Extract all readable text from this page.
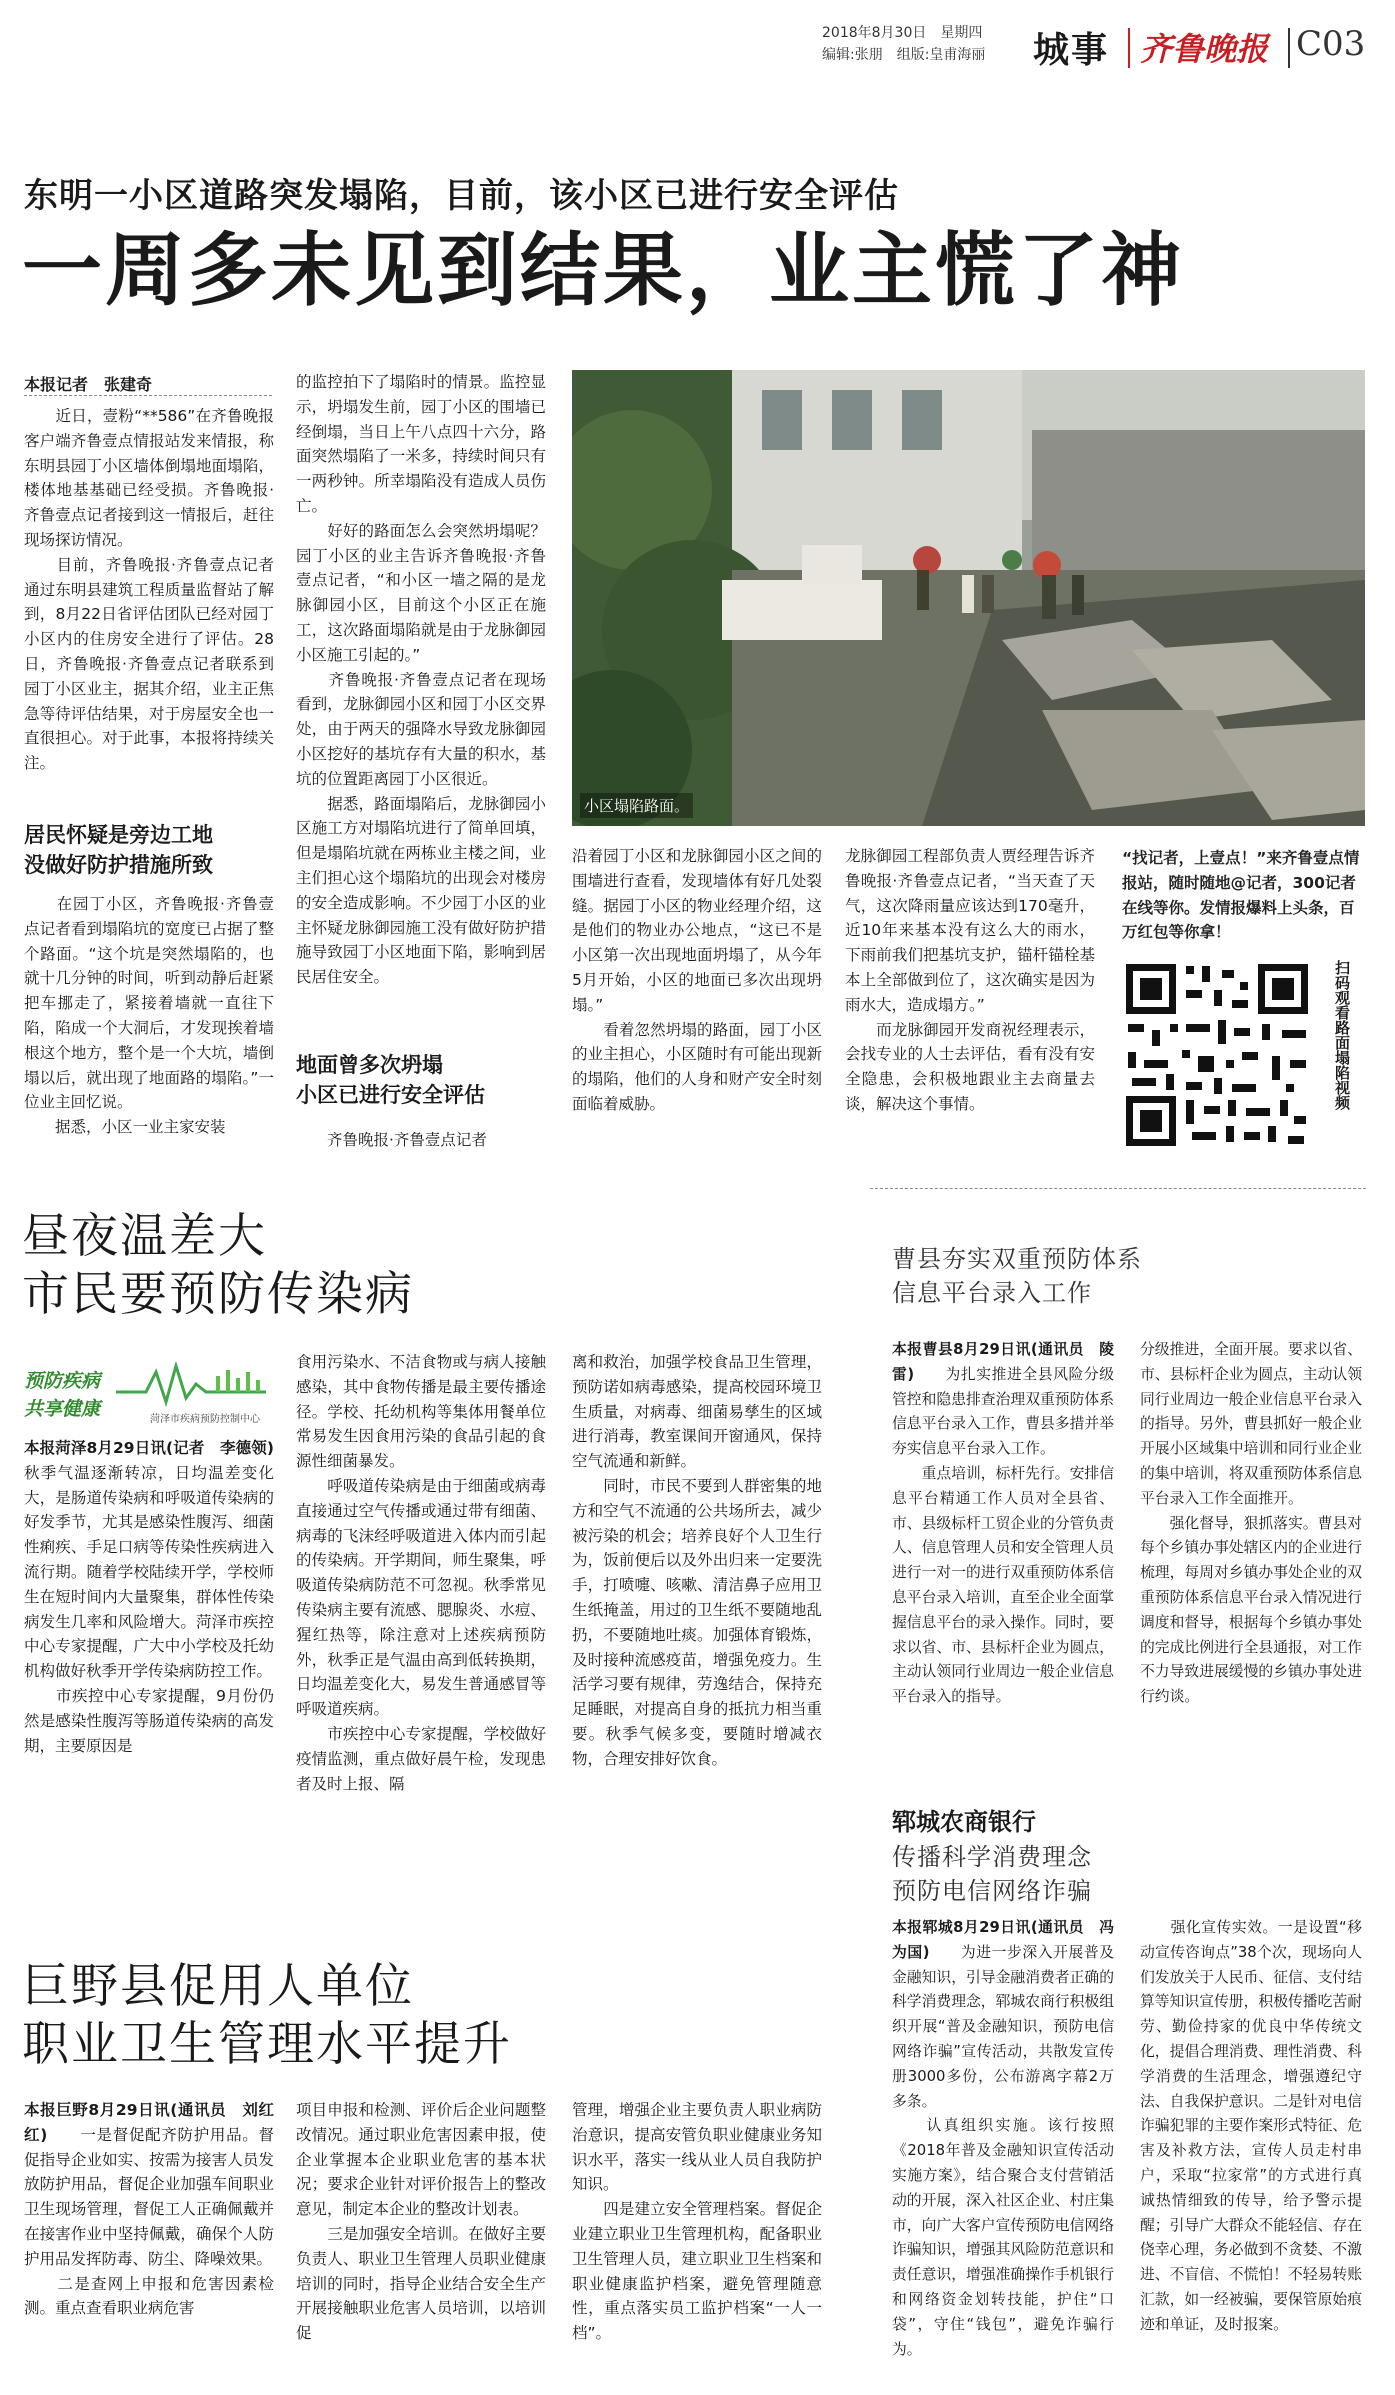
2018年8月30日　星期四
编辑:张朋　组版:皇甫海丽 城事 齐鲁晚报 C03
东明一小区道路突发塌陷，目前，该小区已进行安全评估
一周多未见到结果，业主慌了神
本报记者　张建奇
　　近日，壹粉“**586”在齐鲁晚报客户端齐鲁壹点情报站发来情报，称东明县园丁小区墙体倒塌地面塌陷，楼体地基基础已经受损。齐鲁晚报·齐鲁壹点记者接到这一情报后，赶往现场探访情况。
　　目前，齐鲁晚报·齐鲁壹点记者通过东明县建筑工程质量监督站了解到，8月22日省评估团队已经对园丁小区内的住房安全进行了评估。28日，齐鲁晚报·齐鲁壹点记者联系到园丁小区业主，据其介绍，业主正焦急等待评估结果，对于房屋安全也一直很担心。对于此事，本报将持续关注。
居民怀疑是旁边工地
没做好防护措施所致
　　在园丁小区，齐鲁晚报·齐鲁壹点记者看到塌陷坑的宽度已占据了整个路面。“这个坑是突然塌陷的，也就十几分钟的时间，听到动静后赶紧把车挪走了，紧接着墙就一直往下陷，陷成一个大洞后，才发现挨着墙根这个地方，整个是一个大坑，墙倒塌以后，就出现了地面路的塌陷。”一位业主回忆说。
　　据悉，小区一业主家安装
的监控拍下了塌陷时的情景。监控显示，坍塌发生前，园丁小区的围墙已经倒塌，当日上午八点四十六分，路面突然塌陷了一米多，持续时间只有一两秒钟。所幸塌陷没有造成人员伤亡。
　　好好的路面怎么会突然坍塌呢？园丁小区的业主告诉齐鲁晚报·齐鲁壹点记者，“和小区一墙之隔的是龙脉御园小区，目前这个小区正在施工，这次路面塌陷就是由于龙脉御园小区施工引起的。”
　　齐鲁晚报·齐鲁壹点记者在现场看到，龙脉御园小区和园丁小区交界处，由于两天的强降水导致龙脉御园小区挖好的基坑存有大量的积水，基坑的位置距离园丁小区很近。
　　据悉，路面塌陷后，龙脉御园小区施工方对塌陷坑进行了简单回填，但是塌陷坑就在两栋业主楼之间，业主们担心这个塌陷坑的出现会对楼房的安全造成影响。不少园丁小区的业主怀疑龙脉御园施工没有做好防护措施导致园丁小区地面下陷，影响到居民居住安全。
地面曾多次坍塌
小区已进行安全评估
　　齐鲁晚报·齐鲁壹点记者
小区塌陷路面。
沿着园丁小区和龙脉御园小区之间的围墙进行查看，发现墙体有好几处裂缝。据园丁小区的物业经理介绍，这是他们的物业办公地点，“这已不是小区第一次出现地面坍塌了，从今年5月开始，小区的地面已多次出现坍塌。”
　　看着忽然坍塌的路面，园丁小区的业主担心，小区随时有可能出现新的塌陷，他们的人身和财产安全时刻面临着威胁。
龙脉御园工程部负责人贾经理告诉齐鲁晚报·齐鲁壹点记者，“当天查了天气，这次降雨量应该达到170毫升，近10年来基本没有这么大的雨水，下雨前我们把基坑支护，锚杆锚栓基本上全部做到位了，这次确实是因为雨水大，造成塌方。”
　　而龙脉御园开发商祝经理表示，会找专业的人士去评估，看有没有安全隐患，会积极地跟业主去商量去谈，解决这个事情。
“找记者，上壹点！”来齐鲁壹点情报站，随时随地@记者，300记者在线等你。发情报爆料上头条，百万红包等你拿！
扫码观看路面塌陷视频
昼夜温差大
市民要预防传染病
预防疾病
共享健康	菏泽市疾病预防控制中心
本报菏泽8月29日讯(记者　李德领)　　秋季气温逐渐转凉，日均温差变化大，是肠道传染病和呼吸道传染病的好发季节，尤其是感染性腹泻、细菌性痢疾、手足口病等传染性疾病进入流行期。随着学校陆续开学，学校师生在短时间内大量聚集，群体性传染病发生几率和风险增大。菏泽市疾控中心专家提醒，广大中小学校及托幼机构做好秋季开学传染病防控工作。
　　市疾控中心专家提醒，9月份仍然是感染性腹泻等肠道传染病的高发期，主要原因是
食用污染水、不洁食物或与病人接触感染，其中食物传播是最主要传播途径。学校、托幼机构等集体用餐单位常易发生因食用污染的食品引起的食源性细菌暴发。
　　呼吸道传染病是由于细菌或病毒直接通过空气传播或通过带有细菌、病毒的飞沫经呼吸道进入体内而引起的传染病。开学期间，师生聚集，呼吸道传染病防范不可忽视。秋季常见传染病主要有流感、腮腺炎、水痘、猩红热等，除注意对上述疾病预防外，秋季正是气温由高到低转换期，日均温差变化大，易发生普通感冒等呼吸道疾病。
　　市疾控中心专家提醒，学校做好疫情监测，重点做好晨午检，发现患者及时上报、隔
离和救治，加强学校食品卫生管理，预防诺如病毒感染，提高校园环境卫生质量，对病毒、细菌易孳生的区域进行消毒，教室课间开窗通风，保持空气流通和新鲜。
　　同时，市民不要到人群密集的地方和空气不流通的公共场所去，减少被污染的机会；培养良好个人卫生行为，饭前便后以及外出归来一定要洗手，打喷嚏、咳嗽、清洁鼻子应用卫生纸掩盖，用过的卫生纸不要随地乱扔，不要随地吐痰。加强体育锻炼，及时接种流感疫苗，增强免疫力。生活学习要有规律，劳逸结合，保持充足睡眠，对提高自身的抵抗力相当重要。秋季气候多变，要随时增减衣物，合理安排好饮食。
巨野县促用人单位
职业卫生管理水平提升
本报巨野8月29日讯(通讯员　刘红红)　　一是督促配齐防护用品。督促指导企业如实、按需为接害人员发放防护用品，督促企业加强车间职业卫生现场管理，督促工人正确佩戴并在接害作业中坚持佩戴，确保个人防护用品发挥防毒、防尘、降噪效果。
　　二是查网上申报和危害因素检测。重点查看职业病危害
项目申报和检测、评价后企业问题整改情况。通过职业危害因素申报，使企业掌握本企业职业危害的基本状况；要求企业针对评价报告上的整改意见，制定本企业的整改计划表。
　　三是加强安全培训。在做好主要负责人、职业卫生管理人员职业健康培训的同时，指导企业结合安全生产开展接触职业危害人员培训，以培训促
管理，增强企业主要负责人职业病防治意识，提高安管负职业健康业务知识水平，落实一线从业人员自我防护知识。
　　四是建立安全管理档案。督促企业建立职业卫生管理机构，配备职业卫生管理人员，建立职业卫生档案和职业健康监护档案，避免管理随意性，重点落实员工监护档案“一人一档”。
曹县夯实双重预防体系
信息平台录入工作
本报曹县8月29日讯(通讯员　陵雷)　　为扎实推进全县风险分级管控和隐患排查治理双重预防体系信息平台录入工作，曹县多措并举夯实信息平台录入工作。
　　重点培训，标杆先行。安排信息平台精通工作人员对全县省、市、县级标杆工贸企业的分管负责人、信息管理人员和安全管理人员进行一对一的进行双重预防体系信息平台录入培训，直至企业全面掌握信息平台的录入操作。同时，要求以省、市、县标杆企业为圆点，主动认领同行业周边一般企业信息平台录入的指导。
分级推进，全面开展。要求以省、市、县标杆企业为圆点，主动认领同行业周边一般企业信息平台录入的指导。另外，曹县抓好一般企业开展小区域集中培训和同行业企业的集中培训，将双重预防体系信息平台录入工作全面推开。
　　强化督导，狠抓落实。曹县对每个乡镇办事处辖区内的企业进行梳理，每周对乡镇办事处企业的双重预防体系信息平台录入情况进行调度和督导，根据每个乡镇办事处的完成比例进行全县通报，对工作不力导致进展缓慢的乡镇办事处进行约谈。
郓城农商银行
传播科学消费理念
预防电信网络诈骗
本报郓城8月29日讯(通讯员　冯为国)　　为进一步深入开展普及金融知识，引导金融消费者正确的科学消费理念，郓城农商行积极组织开展“普及金融知识，预防电信网络诈骗”宣传活动，共散发宣传册3000多份，公布游离字幕2万多条。
　　认真组织实施。该行按照《2018年普及金融知识宣传活动实施方案》，结合聚合支付营销活动的开展，深入社区企业、村庄集市，向广大客户宣传预防电信网络诈骗知识，增强其风险防范意识和责任意识，增强准确操作手机银行和网络资金划转技能，护住“口袋”，守住“钱包”，避免诈骗行为。
　　强化宣传实效。一是设置“移动宣传咨询点”38个次，现场向人们发放关于人民币、征信、支付结算等知识宣传册，积极传播吃苦耐劳、勤俭持家的优良中华传统文化，提倡合理消费、理性消费、科学消费的生活理念，增强遵纪守法、自我保护意识。二是针对电信诈骗犯罪的主要作案形式特征、危害及补救方法，宣传人员走村串户，采取“拉家常”的方式进行真诚热情细致的传导，给予警示提醒；引导广大群众不能轻信、存在侥幸心理，务必做到不贪婪、不激进、不盲信、不慌怕！不轻易转账汇款，如一经被骗，要保管原始痕迹和单证，及时报案。
